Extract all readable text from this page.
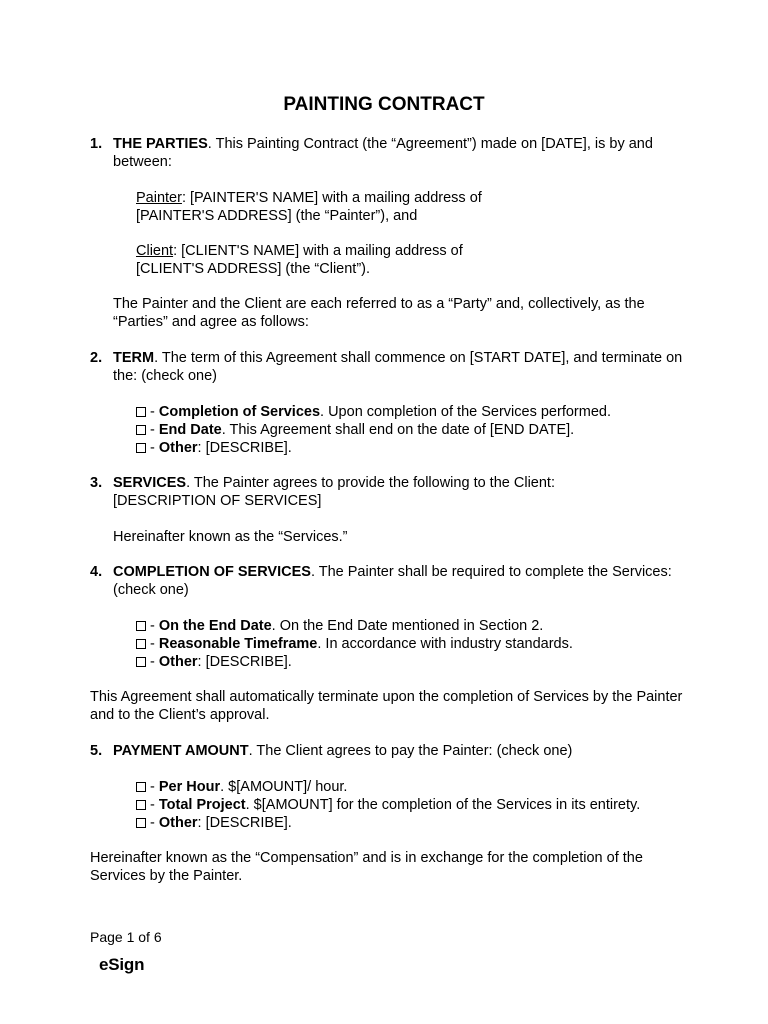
PAINTING CONTRACT
1. THE PARTIES. This Painting Contract (the “Agreement”) made on [DATE], is by and between:
Painter: [PAINTER'S NAME] with a mailing address of
[PAINTER'S ADDRESS] (the “Painter”), and
Client: [CLIENT'S NAME] with a mailing address of
[CLIENT'S ADDRESS] (the “Client”).
The Painter and the Client are each referred to as a “Party” and, collectively, as the “Parties” and agree as follows:
2. TERM. The term of this Agreement shall commence on [START DATE], and terminate on the: (check one)
- Completion of Services. Upon completion of the Services performed.
- End Date. This Agreement shall end on the date of [END DATE].
- Other: [DESCRIBE].
3. SERVICES. The Painter agrees to provide the following to the Client:
[DESCRIPTION OF SERVICES]
Hereinafter known as the “Services.”
4. COMPLETION OF SERVICES. The Painter shall be required to complete the Services: (check one)
- On the End Date. On the End Date mentioned in Section 2.
- Reasonable Timeframe. In accordance with industry standards.
- Other: [DESCRIBE].
This Agreement shall automatically terminate upon the completion of Services by the Painter and to the Client’s approval.
5. PAYMENT AMOUNT. The Client agrees to pay the Painter: (check one)
- Per Hour. $[AMOUNT]/ hour.
- Total Project. $[AMOUNT] for the completion of the Services in its entirety.
- Other: [DESCRIBE].
Hereinafter known as the “Compensation” and is in exchange for the completion of the Services by the Painter.
Page 1 of 6
eSign
